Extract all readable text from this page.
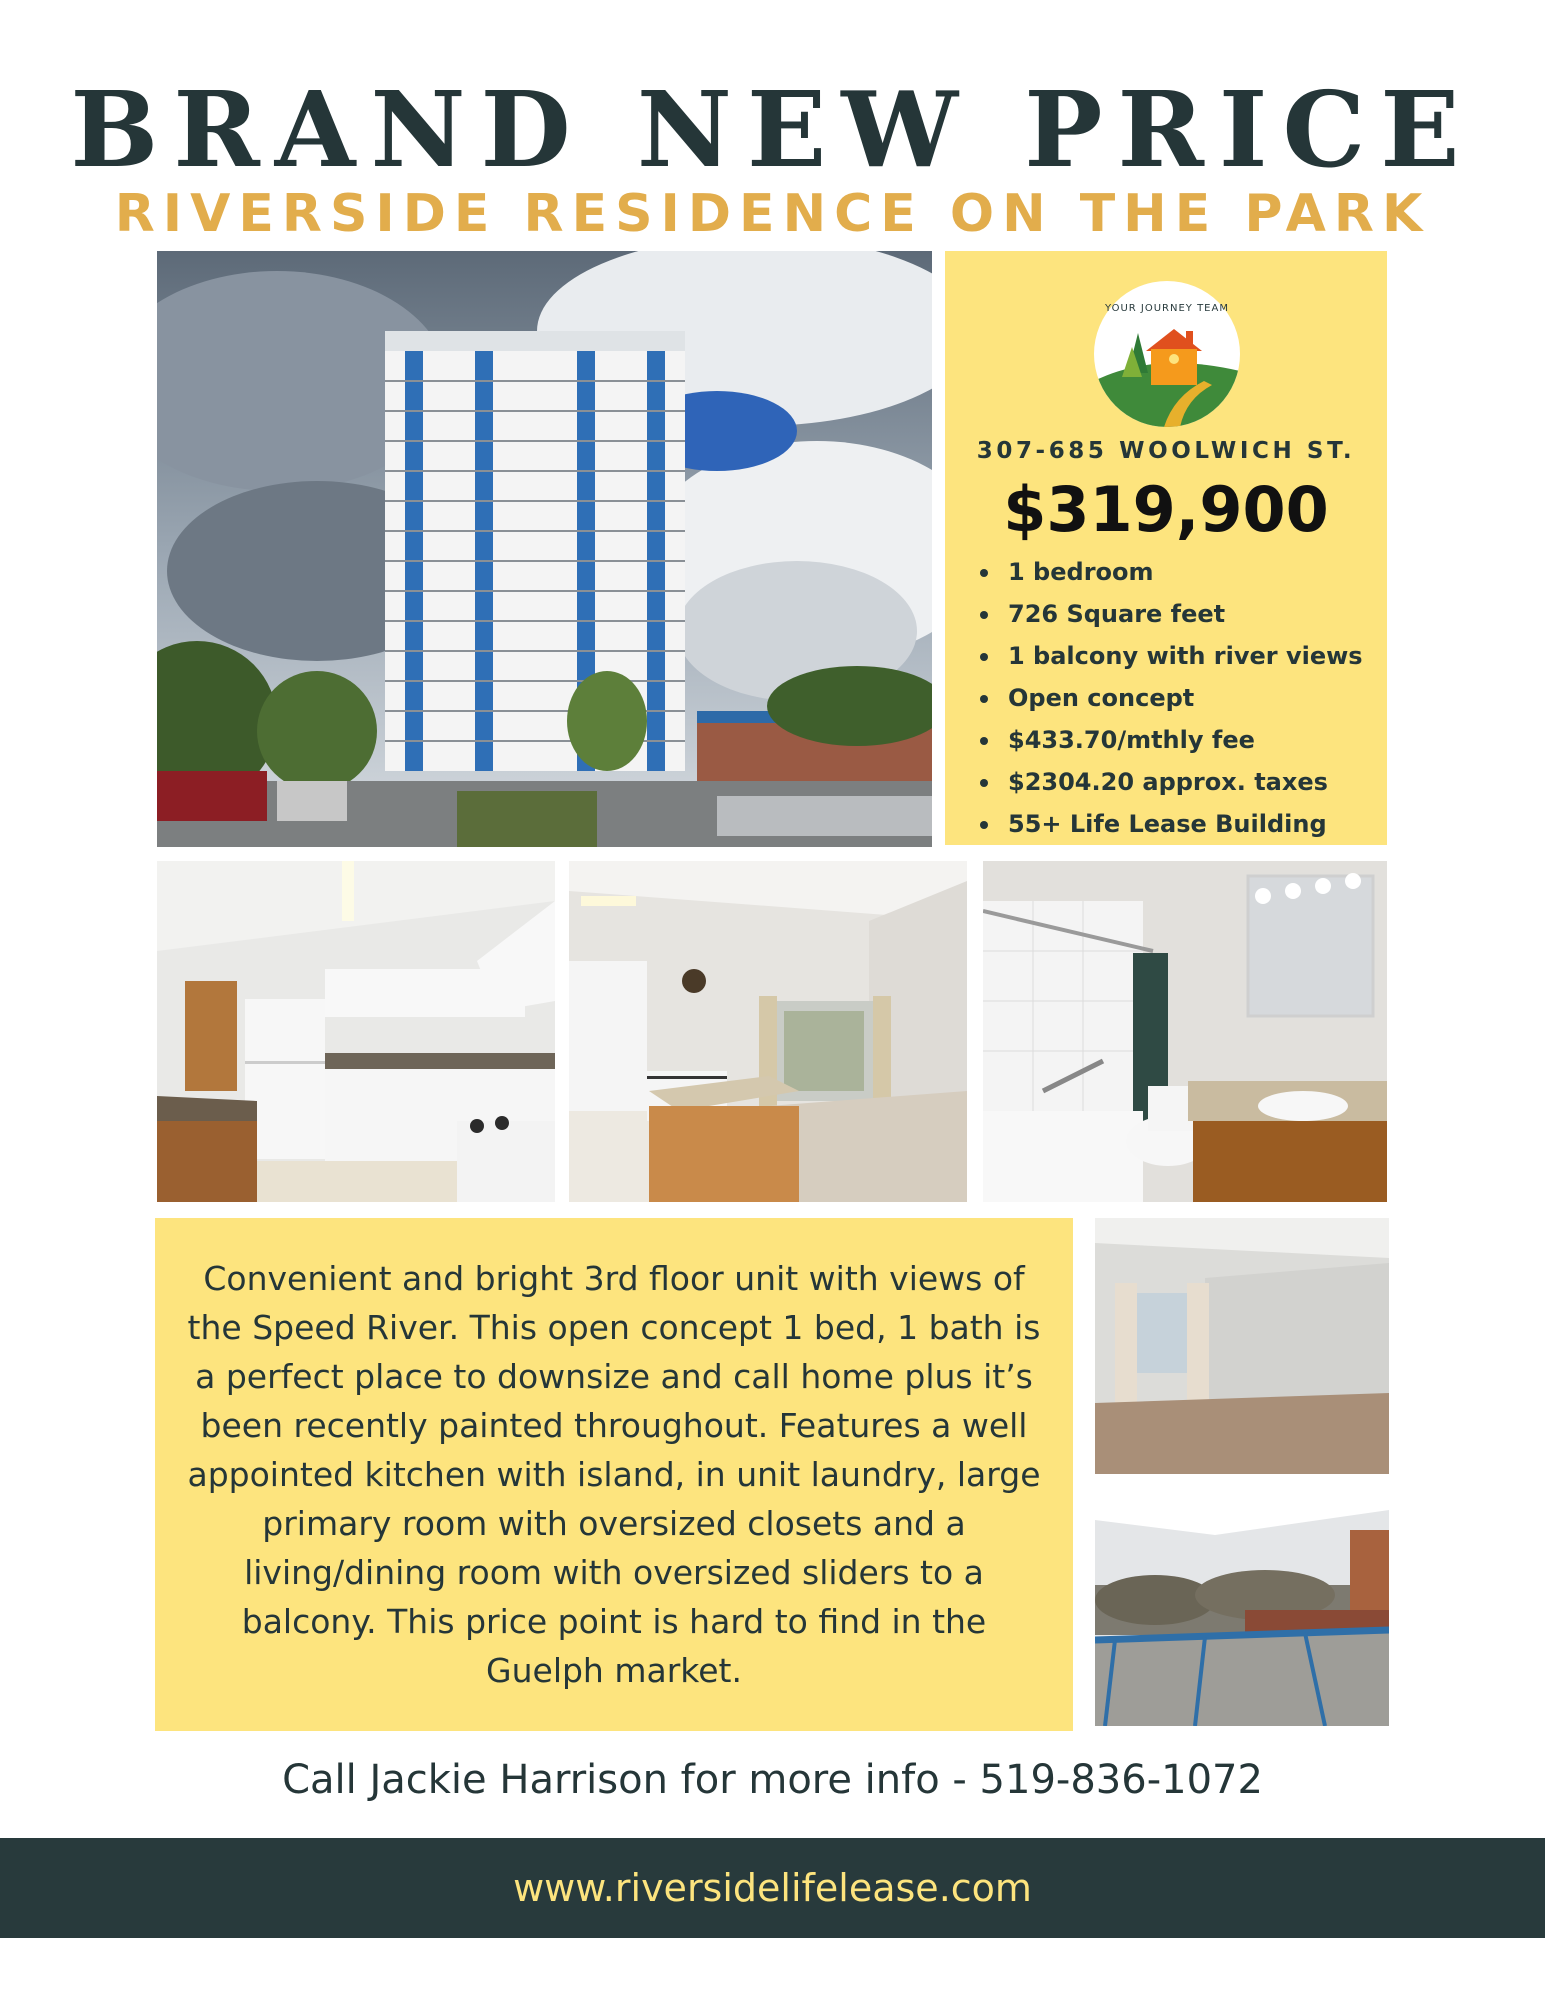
BRAND NEW PRICE
RIVERSIDE RESIDENCE ON THE PARK
YOUR JOURNEY TEAM
307-685 WOOLWICH ST.
$319,900
1 bedroom
726 Square feet
1 balcony with river views
Open concept
$433.70/mthly fee
$2304.20 approx. taxes
55+ Life Lease Building

Convenient and bright 3rd floor unit with views of the Speed River. This open concept 1 bed, 1 bath is a perfect place to downsize and call home plus it’s been recently painted throughout. Features a well appointed kitchen with island, in unit laundry, large primary room with oversized closets and a living/dining room with oversized sliders to a balcony. This price point is hard to find in the Guelph market.

Call Jackie Harrison for more info - 519-836-1072
www.riversidelifelease.com
